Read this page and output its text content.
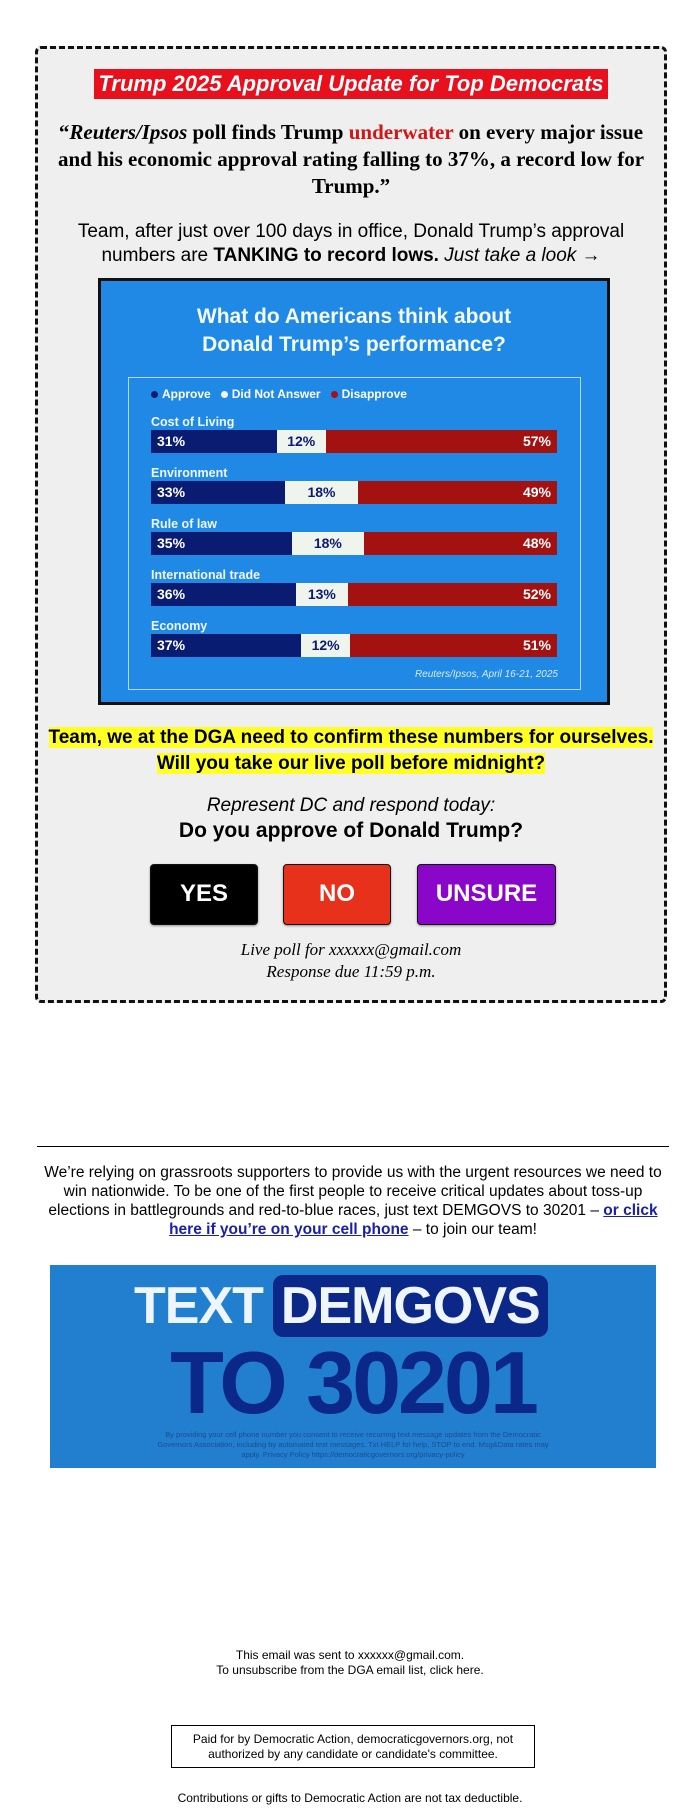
Trump 2025 Approval Update for Top Democrats

“Reuters/Ipsos poll finds Trump underwater on every major issue and his economic approval rating falling to 37%, a record low for Trump.”

Team, after just over 100 days in office, Donald Trump’s approval numbers are TANKING to record lows. Just take a look →

What do Americans think about
Donald Trump’s performance?
Approve Did Not Answer Disapprove
Reuters/Ipsos, April 16-21, 2025
Cost of Living
31%	12%	57%
Environment
33%	18%	49%
Rule of law
35%	18%	48%
International trade
36%	13%	52%
Economy
37%	12%	51%
Team, we at the DGA need to confirm these numbers for ourselves. Will you take our live poll before midnight?
Represent DC and respond today:
Do you approve of Donald Trump?
YES	NO	UNSURE
Live poll for xxxxxx@gmail.com
Response due 11:59 p.m.

We’re relying on grassroots supporters to provide us with the urgent resources we need to win nationwide. To be one of the first people to receive critical updates about toss-up elections in battlegrounds and red-to-blue races, just text DEMGOVS to 30201 – or click here if you’re on your cell phone – to join our team!

TEXT DEMGOVS
TO 30201
By providing your cell phone number you consent to receive recurring text message updates from the Democratic Governors Association, including by automated text messages. Txt HELP for help, STOP to end. Msg&Data rates may apply. Privacy Policy https://democraticgovernors.org/privacy-policy
This email was sent to xxxxxx@gmail.com.
To unsubscribe from the DGA email list, click here.
Paid for by Democratic Action, democraticgovernors.org, not authorized by any candidate or candidate's committee.
Contributions or gifts to Democratic Action are not tax deductible.
